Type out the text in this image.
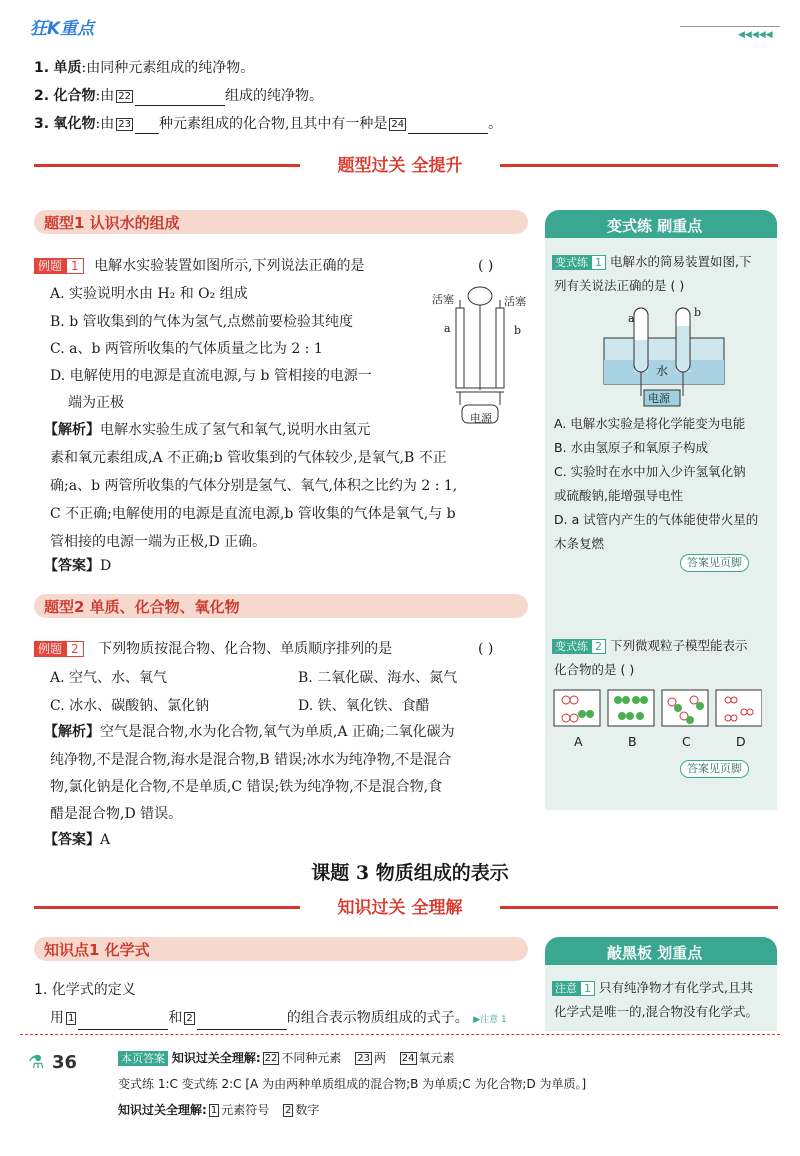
狂K重点	◀◀◀◀◀
1. 单质:由同种元素组成的纯净物。
2. 化合物:由 22	组成的纯净物。
3. 氧化物:由 23 种元素组成的化合物,且其中有一种是 24	。
题型过关 全提升
题型1 认识水的组成
例题 1 电解水实验装置如图所示,下列说法正确的是	( )
A. 实验说明水由 H₂ 和 O₂ 组成
B. b 管收集到的气体为氢气,点燃前要检验其纯度
C. a、b 两管所收集的气体质量之比为 2 : 1
D. 电解使用的电源是直流电源,与 b 管相接的电源一
端为正极
活塞	活塞
a	b
电源
【解析】电解水实验生成了氢气和氧气,说明水由氢元
素和氧元素组成,A 不正确;b 管收集到的气体较少,是氧气,B 不正
确;a、b 两管所收集的气体分别是氢气、氧气,体积之比约为 2 : 1,
C 不正确;电解使用的电源是直流电源,b 管收集的气体是氧气,与 b
管相接的电源一端为正极,D 正确。
【答案】D
题型2 单质、化合物、氧化物
例题 2 下列物质按混合物、化合物、单质顺序排列的是	( )
A. 空气、水、氧气	B. 二氧化碳、海水、氮气
C. 冰水、碳酸钠、氯化钠	D. 铁、氧化铁、食醋
【解析】空气是混合物,水为化合物,氧气为单质,A 正确;二氧化碳为
纯净物,不是混合物,海水是混合物,B 错误;冰水为纯净物,不是混合
物,氯化钠是化合物,不是单质,C 错误;铁为纯净物,不是混合物,食
醋是混合物,D 错误。
【答案】A
变式练 刷重点
变式练 1 电解水的简易装置如图,下
列有关说法正确的是 ( )
a	b
水
电源
A. 电解水实验是将化学能变为电能
B. 水由氢原子和氧原子构成
C. 实验时在水中加入少许氢氧化钠
或硫酸钠,能增强导电性
D. a 试管内产生的气体能使带火星的
木条复燃
答案见页脚
变式练 2 下列微观粒子模型能表示
化合物的是 ( )
A	B	C	D
答案见页脚
课题 3 物质组成的表示
知识过关 全理解
知识点1 化学式
1. 化学式的定义
用 1	和 2	的组合表示物质组成的式子。 ▶注意 1
敲黑板 划重点
注意 1 只有纯净物才有化学式,且其
化学式是唯一的,混合物没有化学式。
⚗ 36	本页答案 知识过关全理解: 22 不同种元素 23 两 24 氧元素
变式练 1:C 变式练 2:C [A 为由两种单质组成的混合物;B 为单质;C 为化合物;D 为单质。]
知识过关全理解: 1 元素符号 2 数字
